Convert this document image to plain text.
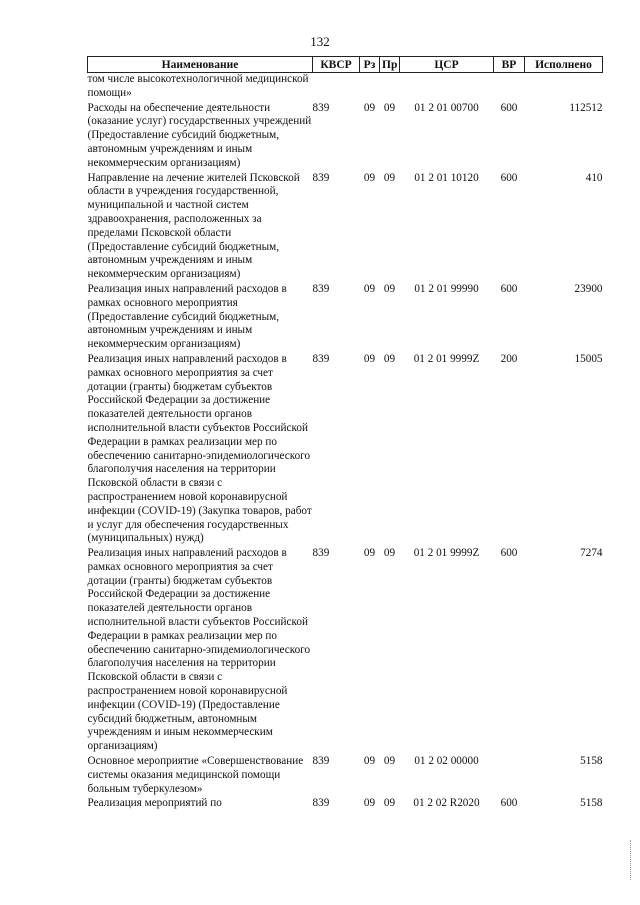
132
Наименование	КВСР	Рз	Пр	ЦСР	ВР	Исполнено
том числе высокотехнологичной медицинской помощи»						
Расходы на обеспечение деятельности (оказание услуг) государственных учреждений (Предоставление субсидий бюджетным, автономным учреждениям и иным некоммерческим организациям)	839	09	09	01 2 01 00700	600	112512
Направление на лечение жителей Псковской области в учреждения государственной, муниципальной и частной систем здравоохранения, расположенных за пределами Псковской области (Предоставление субсидий бюджетным, автономным учреждениям и иным некоммерческим организациям)	839	09	09	01 2 01 10120	600	410
Реализация иных направлений расходов в рамках основного мероприятия (Предоставление субсидий бюджетным, автономным учреждениям и иным некоммерческим организациям)	839	09	09	01 2 01 99990	600	23900
Реализация иных направлений расходов в рамках основного мероприятия за счет дотации (гранты) бюджетам субъектов Российской Федерации за достижение показателей деятельности органов исполнительной власти субъектов Российской Федерации в рамках реализации мер по обеспечению санитарно-эпидемиологического благополучия населения на территории Псковской области в связи с распространением новой коронавирусной инфекции (COVID-19) (Закупка товаров, работ и услуг для обеспечения государственных (муниципальных) нужд)	839	09	09	01 2 01 9999Z	200	15005
Реализация иных направлений расходов в рамках основного мероприятия за счет дотации (гранты) бюджетам субъектов Российской Федерации за достижение показателей деятельности органов исполнительной власти субъектов Российской Федерации в рамках реализации мер по обеспечению санитарно-эпидемиологического благополучия населения на территории Псковской области в связи с распространением новой коронавирусной инфекции (COVID-19) (Предоставление субсидий бюджетным, автономным учреждениям и иным некоммерческим организациям)	839	09	09	01 2 01 9999Z	600	7274
Основное мероприятие «Совершенствование системы оказания медицинской помощи больным туберкулезом»	839	09	09	01 2 02 00000		5158
Реализация мероприятий по	839	09	09	01 2 02 R2020	600	5158
